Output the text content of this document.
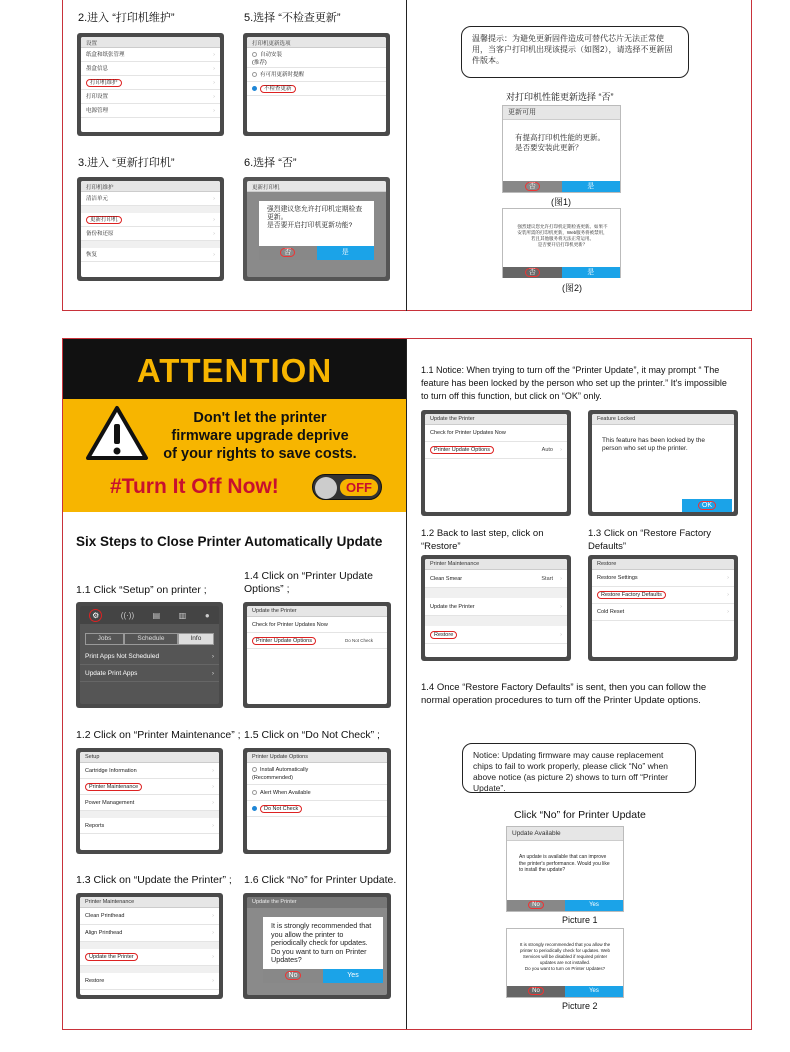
2.进入 “打印机维护”	5.选择 “不检查更新”
设置
纸盒和纸张管理	›
墨盒信息	›
打印机维护	›
打印设置	›
电源管理	›
打印机更新选项
自动安装
(推荐)
有可用更新时提醒
不检查更新
3.进入 “更新打印机”	6.选择 “否”
打印机维护
清洁单元	›
更新打印机	›
备份和还原	›
恢复	›
更新打印机
强烈建议您允许打印机定期检查更新。
是否要开启打印机更新功能?
否	是
温馨提示：为避免更新固件造成可替代芯片无法正常使用，当客户打印机出现该提示（如图2），请选择不更新固件版本。
对打印机性能更新选择 “否”
更新可用
有提高打印机性能的更新。是否要安装此更新？
否	是
(图1)
强烈建议您允许打印机定期检查更新。如果不安装所需的打印机更新，Web服务将被禁用，若且其他服务将无法正常运用。
是否要开启打印机更新？
否	是
(图2)
ATTENTION
Don't let the printer
firmware upgrade deprive
of your rights to save costs.
#Turn It Off Now!	OFF
Six Steps to Close Printer Automatically Update
1.1 Click “Setup” on printer ;
1.4 Click on “Printer Update Options” ;
⚙	((·)) ▤ ▥ ●
Jobs	Schedule	Info
Print Apps Not Scheduled	›
Update Print Apps	›
Update the Printer
Check for Printer Updates Now
Printer Update Options	Do Not Check
1.2 Click on “Printer Maintenance” ; 1.5 Click on “Do Not Check” ;
Setup
Cartridge Information	›
Printer Maintenance	›
Power Management	›
Reports	›
Printer Update Options
Install Automatically
(Recommended)
Alert When Available
Do Not Check
1.3 Click on “Update the Printer” ; 1.6 Click “No” for Printer Update.
Printer Maintenance
Clean Printhead	›
Align Printhead	›
Update the Printer	›
Restore	›
Update the Printer
It is strongly recommended that you allow the printer to periodically check for updates. Do you want to turn on Printer Updates?
No	Yes
1.1 Notice: When trying to turn off the “Printer Update”, it may prompt “ The feature has been locked by the person who set up the printer.” It's impossible to turn off this function, but click on “OK” only.
Update the Printer
Check for Printer Updates Now
Printer Update Options	Auto ›
Feature Locked
This feature has been locked by the person who set up the printer.
OK
1.2 Back to last step, click on “Restore”
1.3 Click on “Restore Factory Defaults”
Printer Maintenance
Clean Smear	Start ›
Update the Printer	›
Restore	›
Restore
Restore Settings	›
Restore Factory Defaults	›
Cold Reset	›
1.4 Once “Restore Factory Defaults” is sent, then you can follow the normal operation procedures to turn off the Printer Update options.
Notice: Updating firmware may cause replacement chips to fail to work properly, please click “No” when above notice (as picture 2) shows to turn off “Printer Update”.
Click “No” for Printer Update
Update Available
An update is available that can improve the printer's performance. Would you like to install the update?
No	Yes
Picture 1
It is strongly recommended that you allow the printer to periodically check for updates. Web Services will be disabled if required printer updates are not installed.
Do you want to turn on Printer Updates?
No	Yes
Picture 2
